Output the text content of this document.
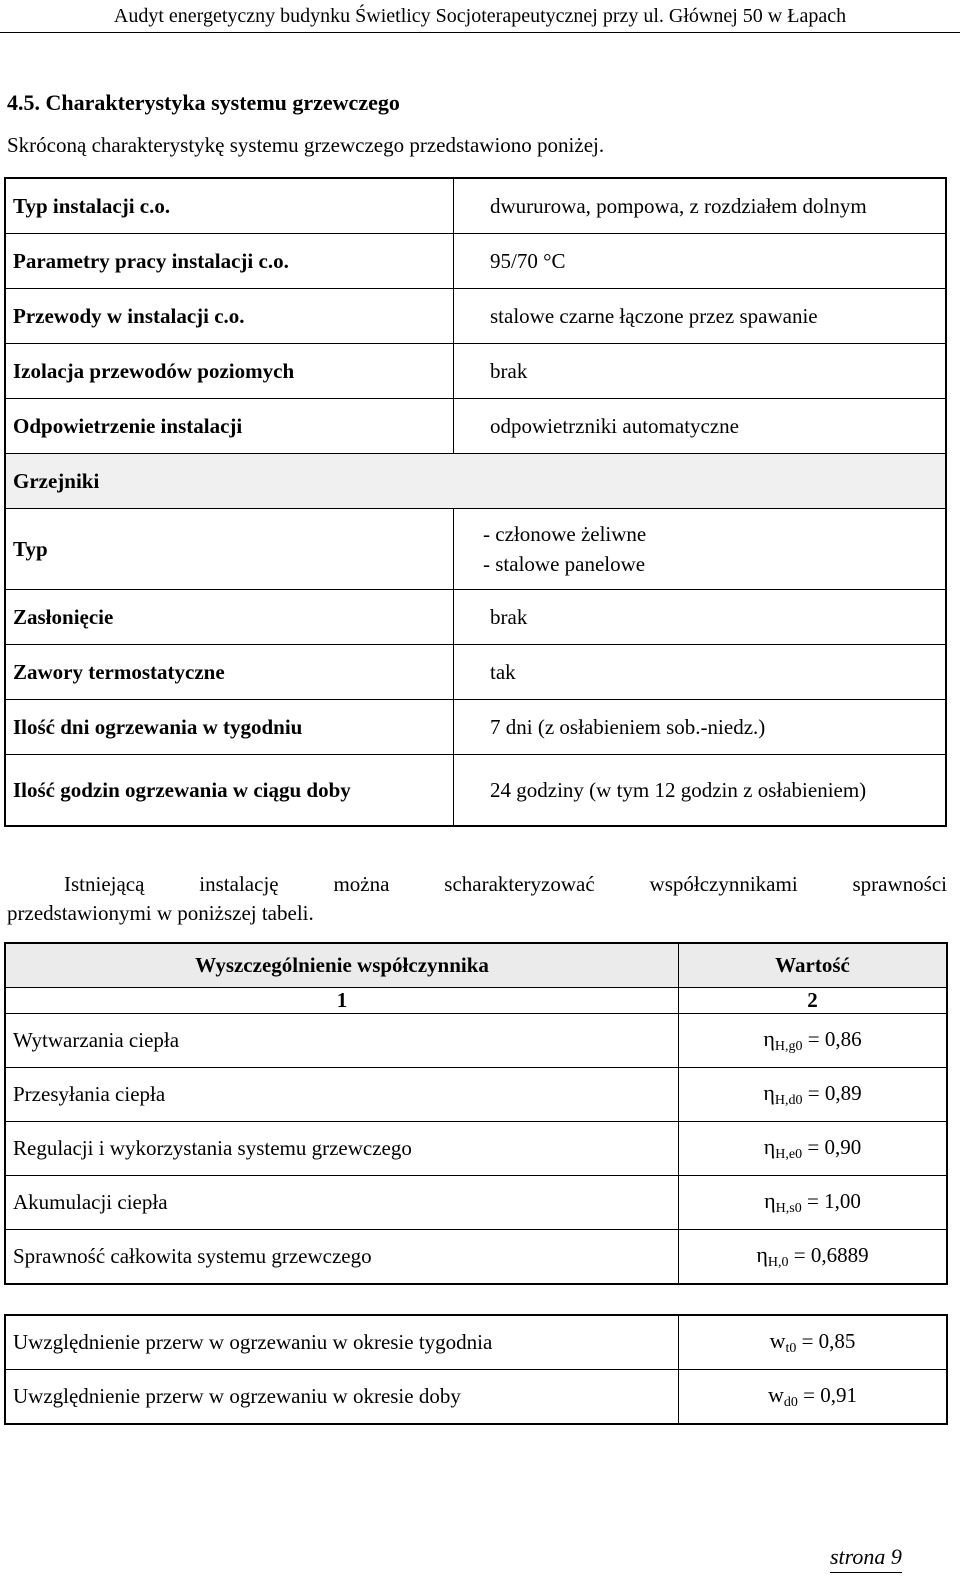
Audyt energetyczny budynku Świetlicy Socjoterapeutycznej przy ul. Głównej 50 w Łapach
4.5. Charakterystyka systemu grzewczego
Skróconą charakterystykę systemu grzewczego przedstawiono poniżej.
Typ instalacji c.o.	dwururowa, pompowa, z rozdziałem dolnym
Parametry pracy instalacji c.o.	95/70 °C
Przewody w instalacji c.o.	stalowe czarne łączone przez spawanie
Izolacja przewodów poziomych	brak
Odpowietrzenie instalacji	odpowietrzniki automatyczne
Grzejniki	
Typ	- członowe żeliwne
- stalowe panelowe

Zasłonięcie	brak
Zawory termostatyczne	tak
Ilość dni ogrzewania w tygodniu	7 dni (z osłabieniem sob.-niedz.)
Ilość godzin ogrzewania w ciągu doby	24 godziny (w tym 12 godzin z osłabieniem)
Istniejącą instalację można scharakteryzować współczynnikami sprawności
przedstawionymi w poniższej tabeli.
Wyszczególnienie współczynnika	Wartość
1	2
Wytwarzania ciepła	$\eta_{H,g0} = 0,86$
Przesyłania ciepła	$\eta_{H,d0} = 0,89$
Regulacji i wykorzystania systemu grzewczego	$\eta_{H,e0} = 0,90$
Akumulacji ciepła	$\eta_{H,s0} = 1,00$
Sprawność całkowita systemu grzewczego	$\eta_{H,0} = 0,6889$
Uwzględnienie przerw w ogrzewaniu w okresie tygodnia	$w_{t0} = 0,85$
Uwzględnienie przerw w ogrzewaniu w okresie doby	$w_{d0} = 0,91$
strona 9
